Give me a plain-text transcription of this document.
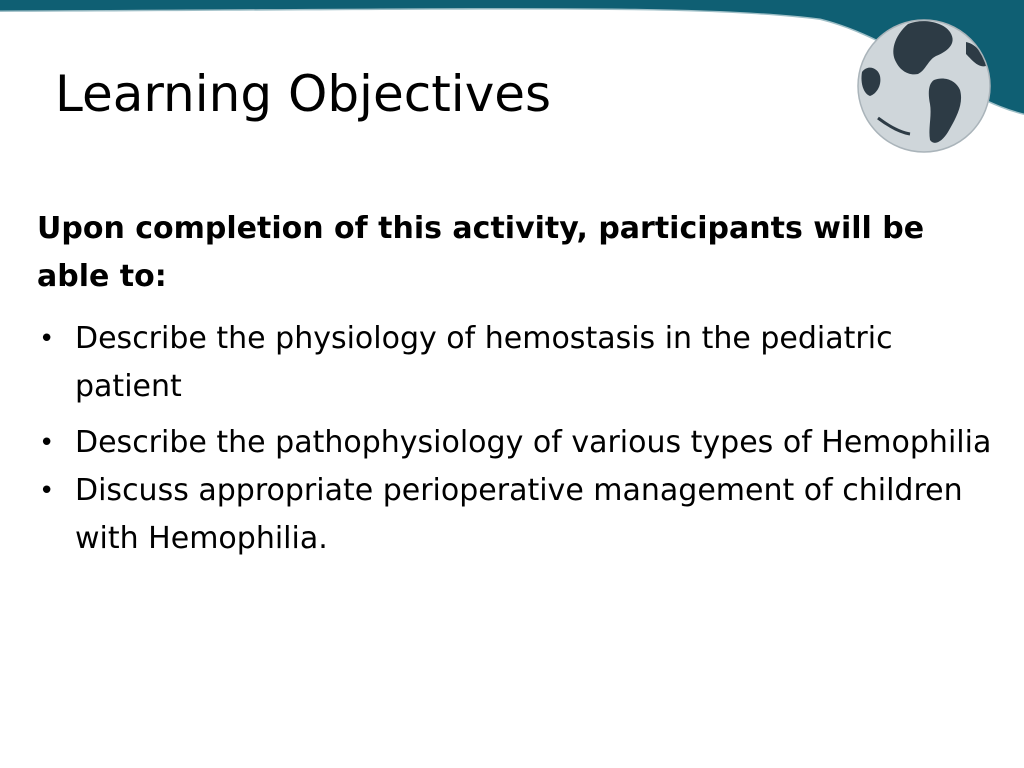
Learning Objectives
Upon completion of this activity, participants will be able to:
• Describe the physiology of hemostasis in the pediatric patient
• Describe the pathophysiology of various types of Hemophilia
• Discuss appropriate perioperative management of children with Hemophilia.
